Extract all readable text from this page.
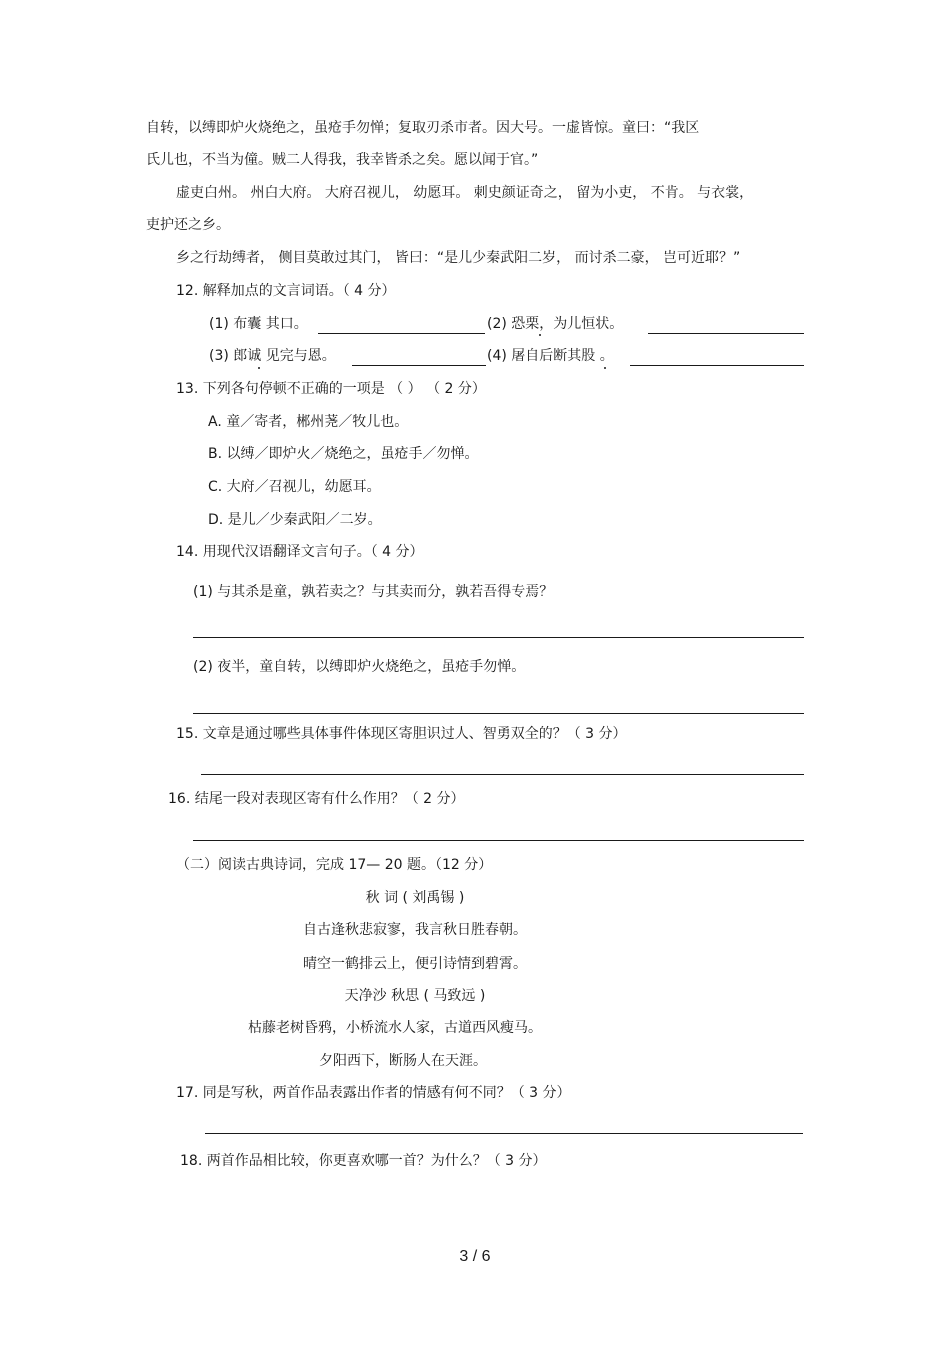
自转，以缚即炉火烧绝之，虽疮手勿惮；复取刃杀市者。因大号。一虚皆惊。童曰：“我区
氏儿也，不当为僮。贼二人得我，我幸皆杀之矣。愿以闻于官。”
虚吏白州。 州白大府。 大府召视儿， 幼愿耳。 刺史颜证奇之， 留为小吏， 不肯。 与衣裳，
吏护还之乡。
乡之行劫缚者， 侧目莫敢过其门， 皆曰：“是儿少秦武阳二岁， 而讨杀二豪， 岂可近耶？”
12. 解释加点的文言词语。（ 4 分）
(1) 布囊 其口。	(2) 恐栗，为儿恒状。
(3) 郎诚 见完与恩。	(4) 屠自后断其股 。
13. 下列各句停顿不正确的一项是 （ ） （ 2 分）
A. 童／寄者，郴州荛／牧儿也。
B. 以缚／即炉火／烧绝之，虽疮手／勿惮。
C. 大府／召视儿，幼愿耳。
D. 是儿／少秦武阳／二岁。
14. 用现代汉语翻译文言句子。（ 4 分）
(1) 与其杀是童，孰若卖之？与其卖而分，孰若吾得专焉？
(2) 夜半，童自转，以缚即炉火烧绝之，虽疮手勿惮。
15. 文章是通过哪些具体事件体现区寄胆识过人、智勇双全的？（ 3 分）
16. 结尾一段对表现区寄有什么作用？（ 2 分）
（二）阅读古典诗词，完成 17— 20 题。（12 分）
秋 词 ( 刘禹锡 )
自古逢秋悲寂寥，我言秋日胜春朝。
晴空一鹤排云上，便引诗情到碧霄。
天净沙 秋思 ( 马致远 )
枯藤老树昏鸦，小桥流水人家，古道西风瘦马。
夕阳西下，断肠人在天涯。
17. 同是写秋，两首作品表露出作者的情感有何不同？（ 3 分）
18. 两首作品相比较，你更喜欢哪一首？为什么？（ 3 分）
3 / 6
